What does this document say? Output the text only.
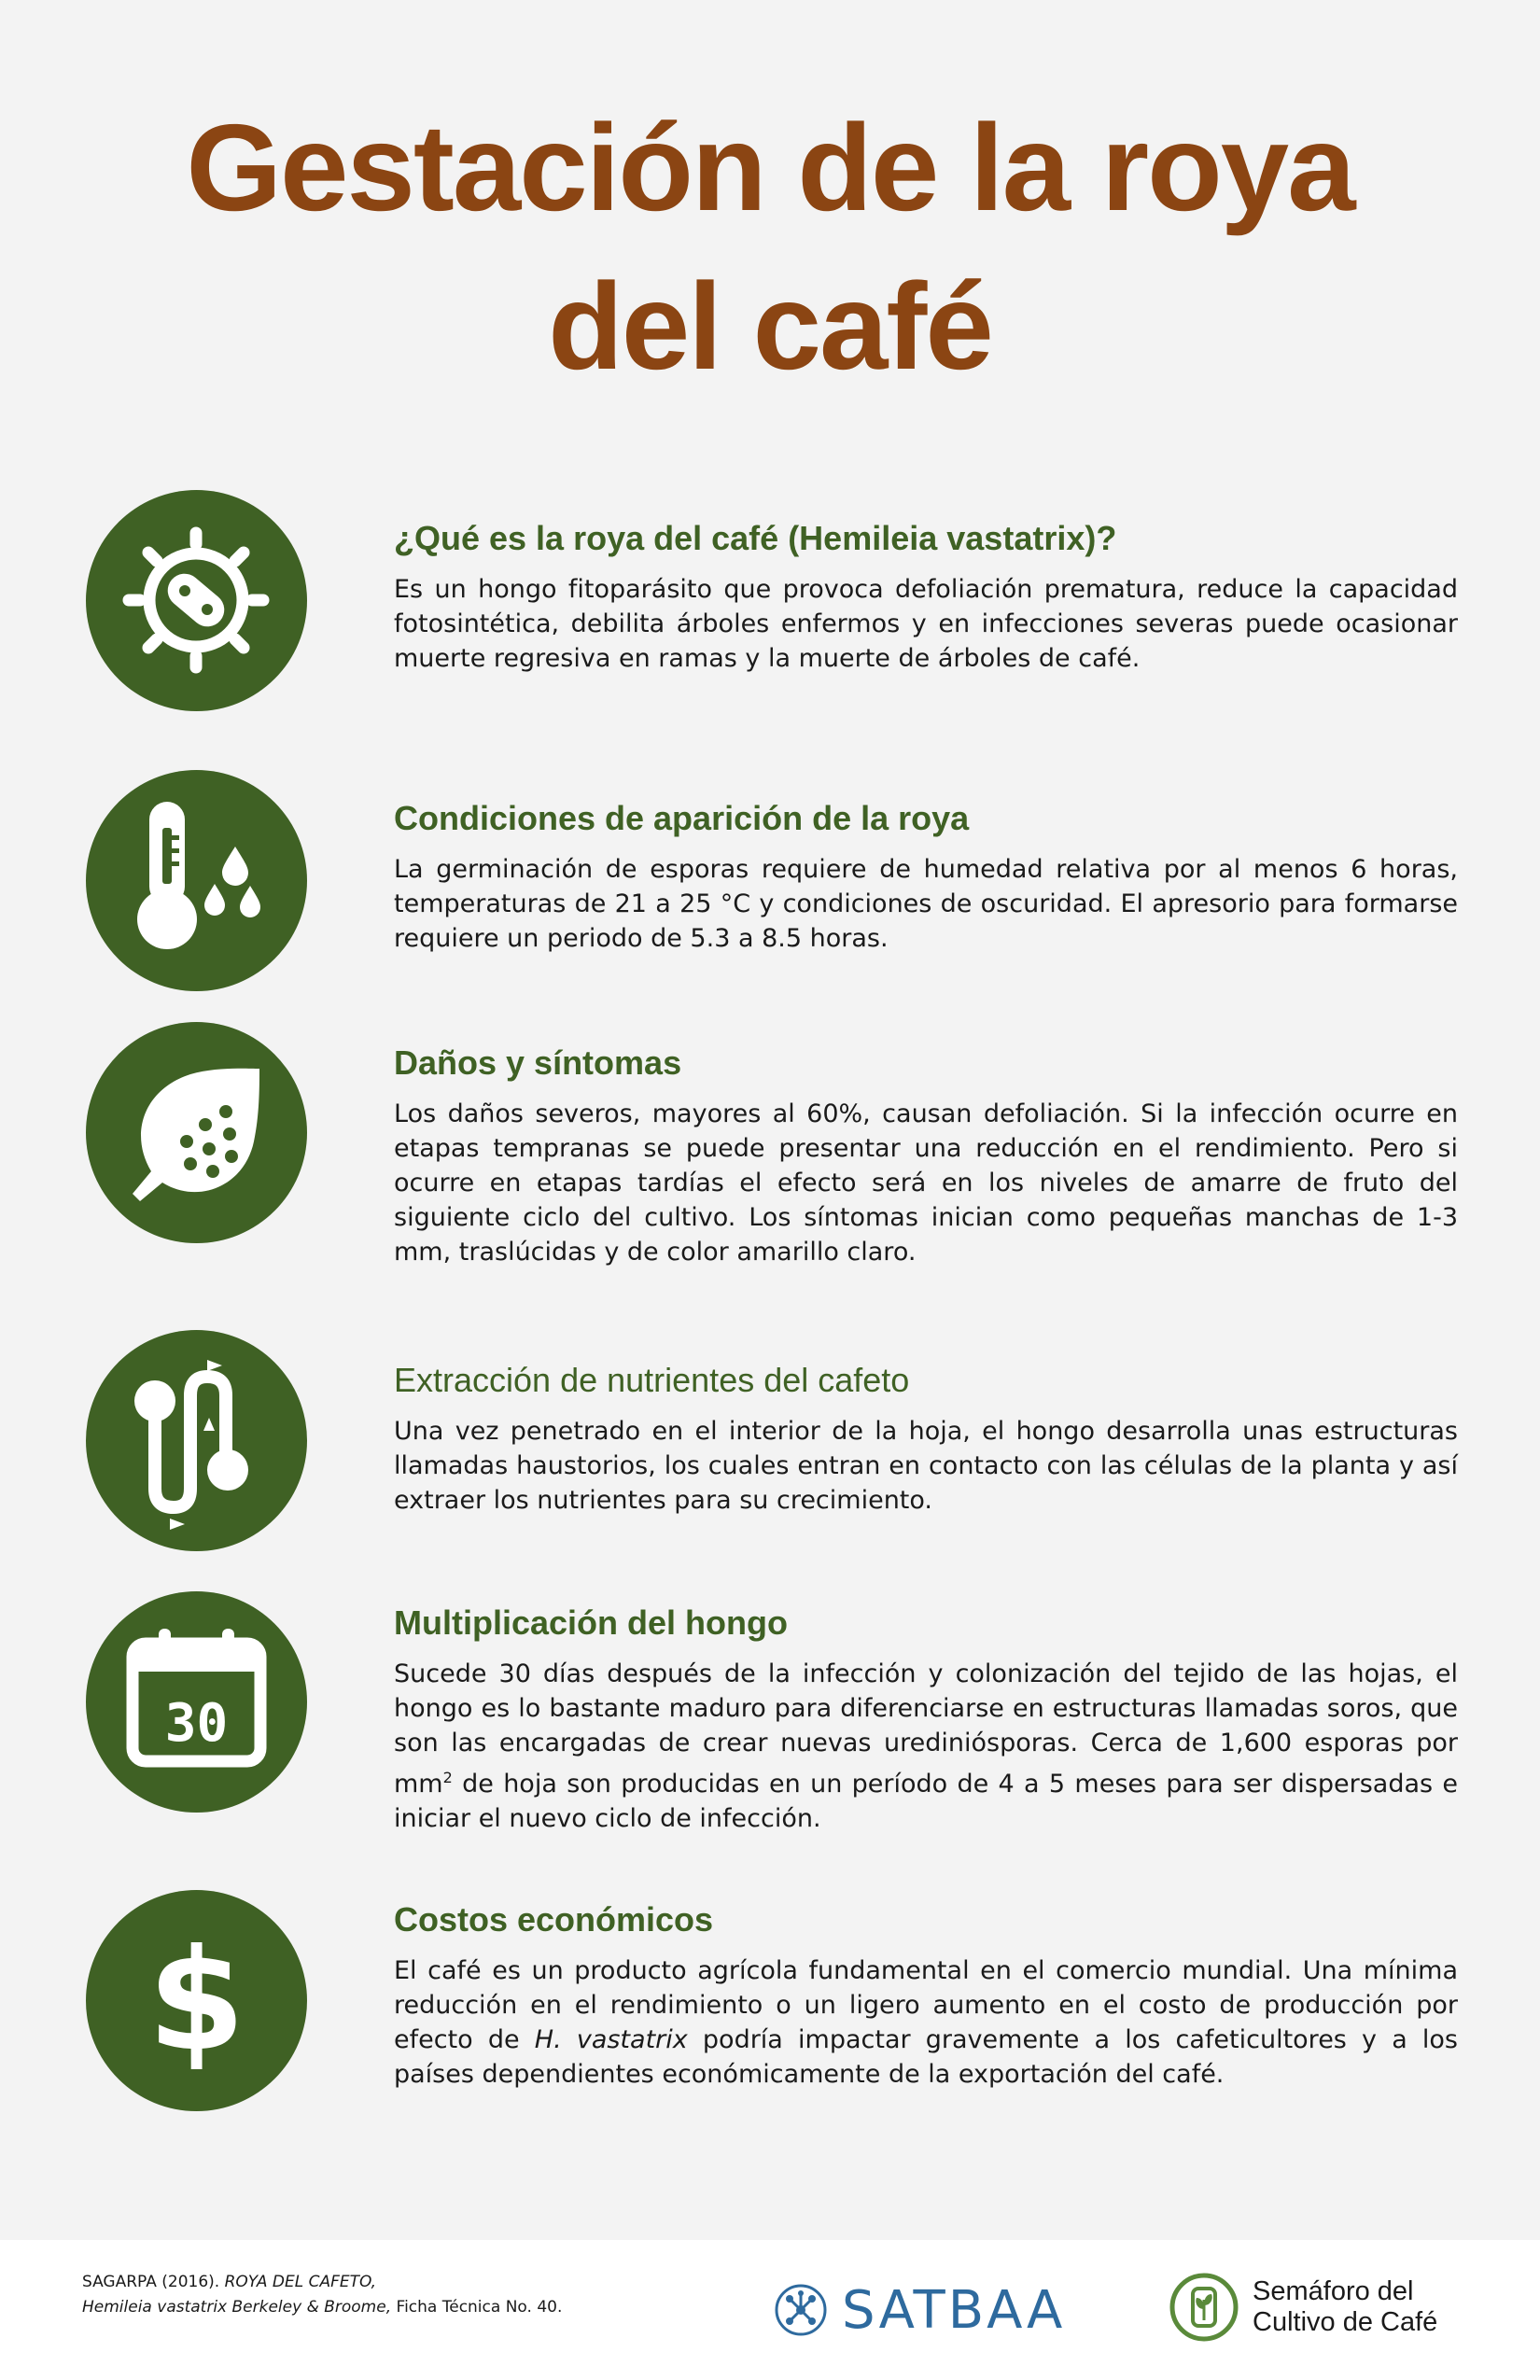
Gestación de la roya
del café
¿Qué es la roya del café (Hemileia vastatrix)?

Es un hongo fitoparásito que provoca defoliación prematura, reduce la capacidad fotosintética, debilita árboles enfermos y en infecciones severas puede ocasionar muerte regresiva en ramas y la muerte de árboles de café.

Condiciones de aparición de la roya

La germinación de esporas requiere de humedad relativa por al menos 6 horas, temperaturas de 21 a 25 °C y condiciones de oscuridad. El apresorio para formarse requiere un periodo de 5.3 a 8.5 horas.

Daños y síntomas

Los daños severos, mayores al 60%, causan defoliación. Si la infección ocurre en etapas tempranas se puede presentar una reducción en el rendimiento. Pero si ocurre en etapas tardías el efecto será en los niveles de amarre de fruto del siguiente ciclo del cultivo. Los síntomas inician como pequeñas manchas de 1-3 mm, traslúcidas y de color amarillo claro.

Extracción de nutrientes del cafeto

Una vez penetrado en el interior de la hoja, el hongo desarrolla unas estructuras llamadas haustorios, los cuales entran en contacto con las células de la planta y así extraer los nutrientes para su crecimiento.

30
Multiplicación del hongo

Sucede 30 días después de la infección y colonización del tejido de las hojas, el hongo es lo bastante maduro para diferenciarse en estructuras llamadas soros, que son las encargadas de crear nuevas urediniósporas. Cerca de 1,600 esporas por $mm^2$ de hoja son producidas en un período de 4 a 5 meses para ser dispersadas e iniciar el nuevo ciclo de infección.

$
Costos económicos

El café es un producto agrícola fundamental en el comercio mundial. Una mínima reducción en el rendimiento o un ligero aumento en el costo de producción por efecto de H. vastatrix podría impactar gravemente a los cafeticultores y a los países dependientes económicamente de la exportación del café.

SAGARPA (2016). ROYA DEL CAFETO,
Hemileia vastatrix Berkeley & Broome, Ficha Técnica No. 40.	SATBAA	Semáforo del
Cultivo de Café
